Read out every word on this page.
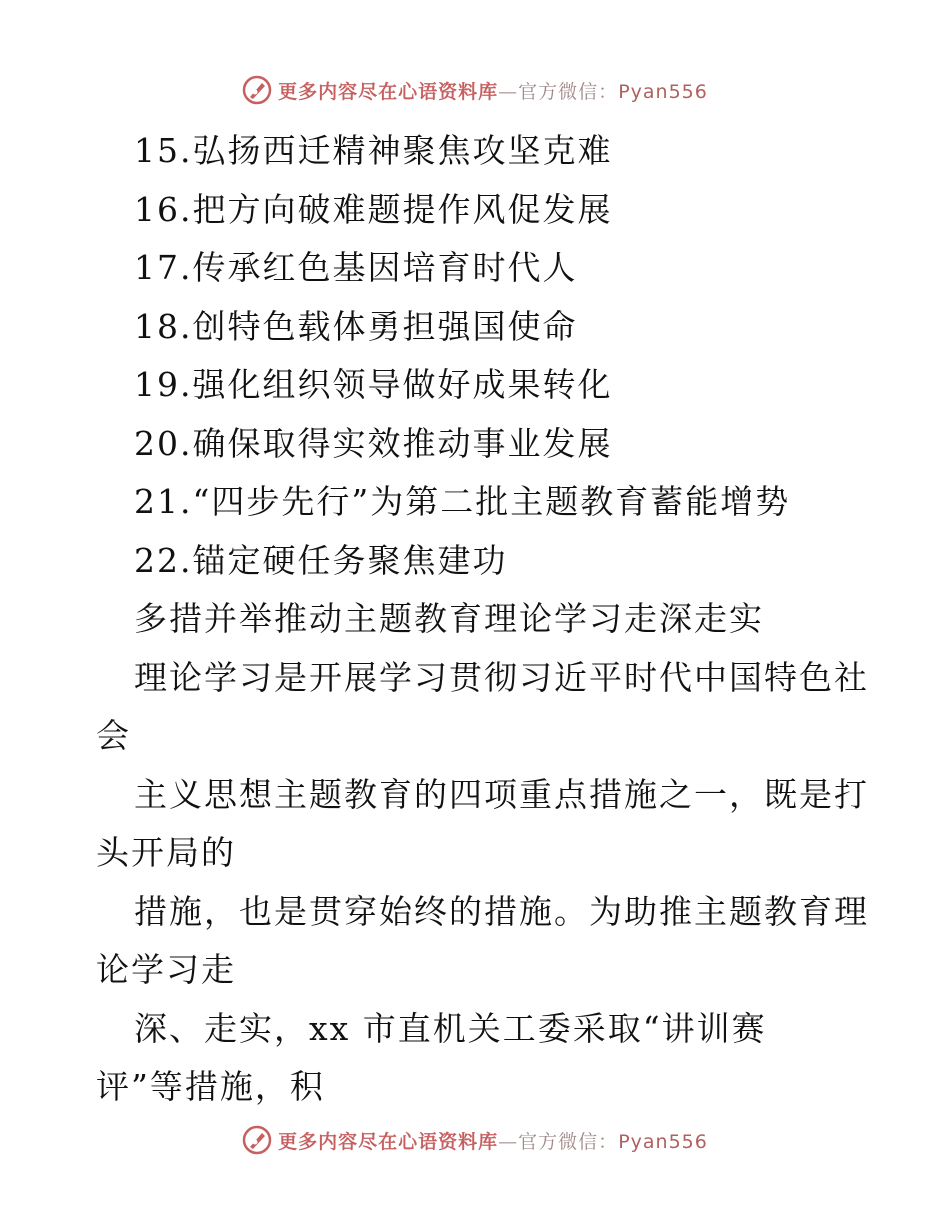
更多内容尽在心语资料库—官方微信：Pyan556
15.弘扬西迁精神聚焦攻坚克难
16.把方向破难题提作风促发展
17.传承红色基因培育时代人
18.创特色载体勇担强国使命
19.强化组织领导做好成果转化
20.确保取得实效推动事业发展
21.“四步先行”为第二批主题教育蓄能增势
22.锚定硬任务聚焦建功
多措并举推动主题教育理论学习走深走实
理论学习是开展学习贯彻习近平时代中国特色社
会
主义思想主题教育的四项重点措施之一，既是打
头开局的
措施，也是贯穿始终的措施。为助推主题教育理
论学习走
深、走实，xx 市直机关工委采取“讲训赛
评”等措施，积
更多内容尽在心语资料库—官方微信：Pyan556
